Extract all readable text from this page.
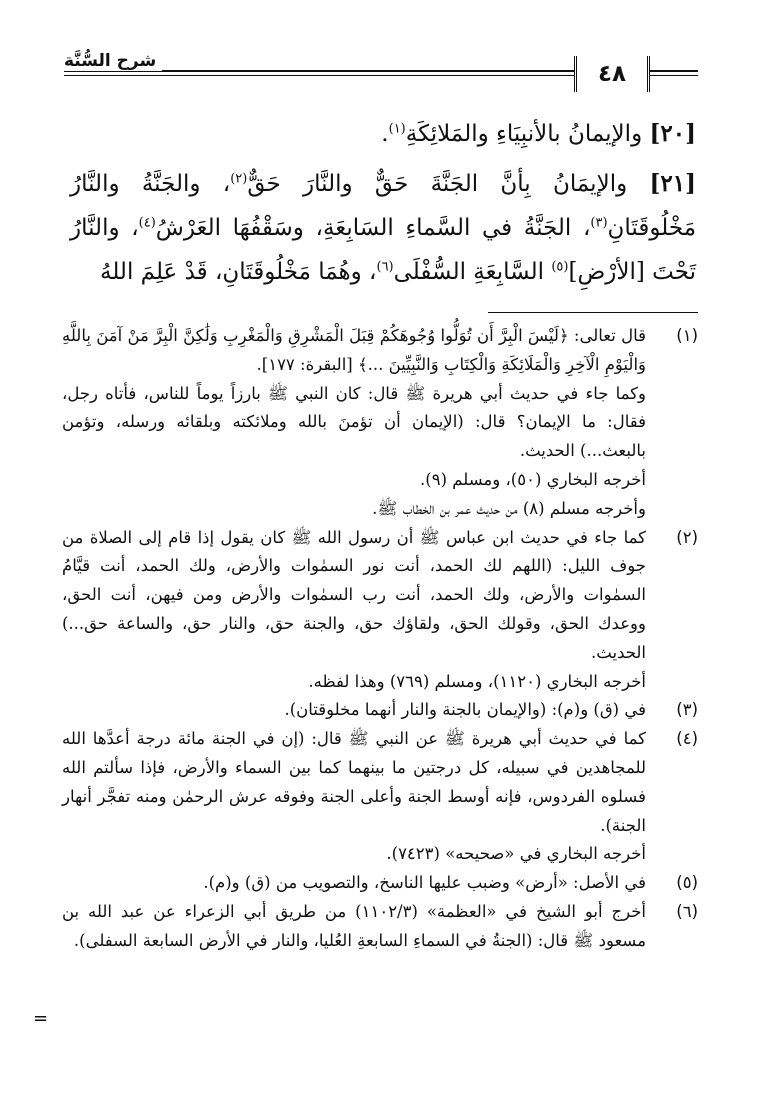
٤٨
شرح السُّنَّة

[٢٠] والإيمانُ بالأنبِيَاءِ والمَلائِكَةِ$^{(١)}$.

[٢١] والإيمَانُ بِأنَّ الجَنَّةَ حَقٌّ والنَّارَ حَقٌّ$^{(٢)}$، والجَنَّةُ والنَّارُ مَخْلُوقَتَانِ$^{(٣)}$، الجَنَّةُ في السَّماءِ السَابِعَةِ، وسَقْفُهَا العَرْشُ$^{(٤)}$، والنَّارُ تَحْتَ [الأرْضِ]$^{(٥)}$ السَّابِعَةِ السُّفْلَى$^{(٦)}$، وهُمَا مَخْلُوقَتَانِ، قَدْ عَلِمَ اللهُ

(١)
قال تعالى: ﴿لَيْسَ الْبِرَّ أَن تُوَلُّوا وُجُوهَكُمْ قِبَلَ الْمَشْرِقِ وَالْمَغْرِبِ وَلَٰكِنَّ الْبِرَّ مَنْ آمَنَ بِاللَّهِ وَالْيَوْمِ الْآخِرِ وَالْمَلَائِكَةِ وَالْكِتَابِ وَالنَّبِيِّينَ ...﴾ [البقرة: ١٧٧].
وكما جاء في حديث أبي هريرة ﷺ قال: كان النبي ﷺ بارزاً يوماً للناس، فأتاه رجل، فقال: ما الإيمان؟ قال: (الإيمان أن تؤمنَ بالله وملائكته وبلقائه ورسله، وتؤمن بالبعث...) الحديث.
أخرجه البخاري (٥٠)، ومسلم (٩).
وأخرجه مسلم (٨) من حديث عمر بن الخطاب ﷺ.
(٢)
كما جاء في حديث ابن عباس ﷺ أن رسول الله ﷺ كان يقول إذا قام إلى الصلاة من جوف الليل: (اللهم لك الحمد، أنت نور السمٰوات والأرض، ولك الحمد، أنت قيَّامُ السمٰوات والأرض، ولك الحمد، أنت رب السمٰوات والأرض ومن فيهن، أنت الحق، ووعدك الحق، وقولك الحق، ولقاؤك حق، والجنة حق، والنار حق، والساعة حق...) الحديث.
أخرجه البخاري (١١٢٠)، ومسلم (٧٦٩) وهذا لفظه.
(٣)
في (ق) و(م): (والإيمان بالجنة والنار أنهما مخلوقتان).
(٤)
كما في حديث أبي هريرة ﷺ عن النبي ﷺ قال: (إن في الجنة مائة درجة أعدَّها الله للمجاهدين في سبيله، كل درجتين ما بينهما كما بين السماء والأرض، فإذا سألتم الله فسلوه الفردوس، فإنه أوسط الجنة وأعلى الجنة وفوقه عرش الرحمٰن ومنه تفجَّر أنهار الجنة).
أخرجه البخاري في «صحيحه» (٧٤٢٣).
(٥)
في الأصل: «أرض» وضبب عليها الناسخ، والتصويب من (ق) و(م).
(٦)
أخرج أبو الشيخ في «العظمة» (١١٠٢/٣) من طريق أبي الزعراء عن عبد الله بن مسعود ﷺ قال: (الجنةُ في السماءِ السابعةِ العُليا، والنار في الأرض السابعة السفلى).
=
